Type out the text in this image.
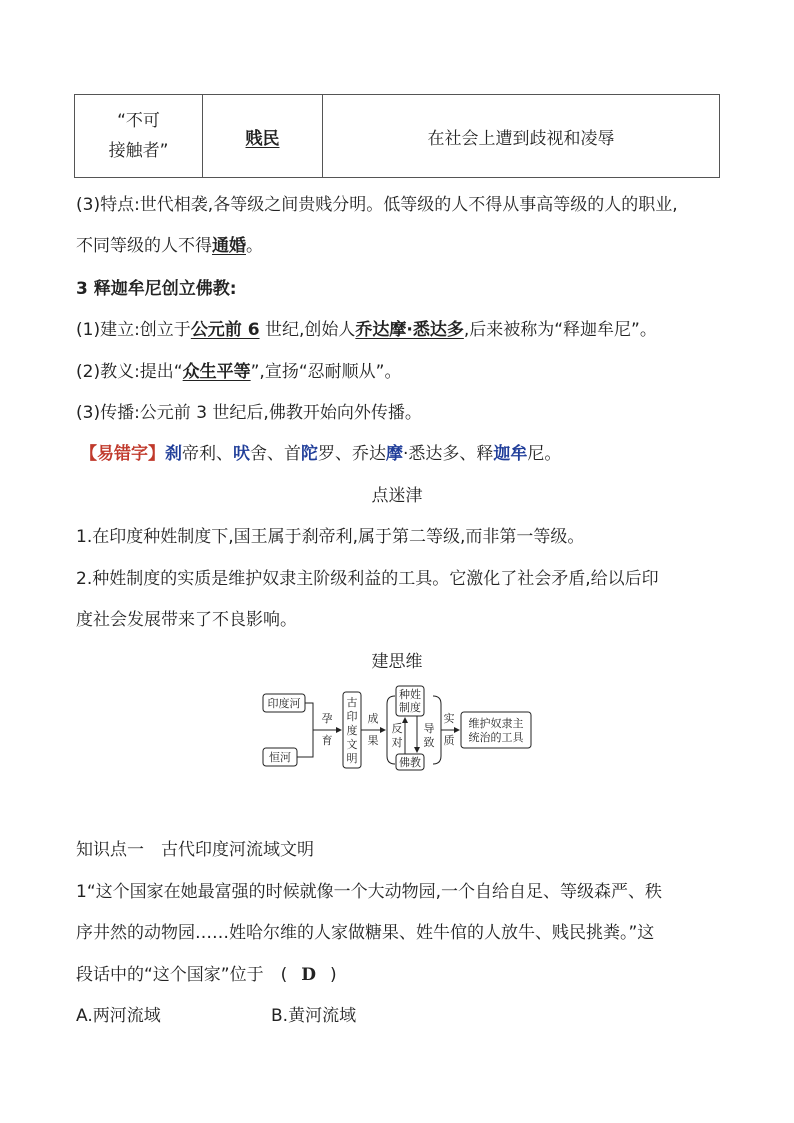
“不可
接触者”
	贱民	在社会上遭到歧视和凌辱
(3)特点:世代相袭,各等级之间贵贱分明。低等级的人不得从事高等级的人的职业,
不同等级的人不得通婚。
3 释迦牟尼创立佛教:
(1)建立:创立于公元前 6 世纪,创始人乔达摩·悉达多,后来被称为“释迦牟尼”。
(2)教义:提出“众生平等”,宣扬“忍耐顺从”。
(3)传播:公元前 3 世纪后,佛教开始向外传播。
【易错字】刹帝利、吠舍、首陀罗、乔达摩·悉达多、释迦牟尼。
点迷津
1.在印度种姓制度下,国王属于刹帝利,属于第二等级,而非第一等级。
2.种姓制度的实质是维护奴隶主阶级利益的工具。它激化了社会矛盾,给以后印
度社会发展带来了不良影响。
建思维
印度河
恒河
孕
育
古
印
度
文
明
成
果
种姓
制度
佛教
反
对
导
致
实
质
维护奴隶主
统治的工具
知识点一　古代印度河流域文明
1“这个国家在她最富强的时候就像一个大动物园,一个自给自足、等级森严、秩
序井然的动物园……姓哈尔维的人家做糖果、姓牛倌的人放牛、贱民挑粪。”这
段话中的“这个国家”位于　( D )
A.两河流域	B.黄河流域
